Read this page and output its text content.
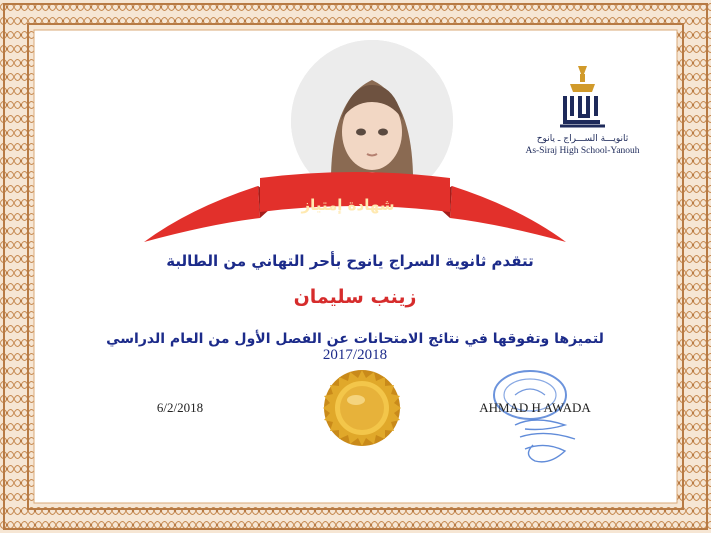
ثانويـــة الســـراج ـ يانوح
As-Siraj High School-Yanouh
شهادة إمتياز
تتقدم ثانوية السراج يانوح بأحر التهاني من الطالبة
زينب سليمان
لتميزها وتفوقها في نتائج الامتحانات عن الفصل الأول من العام الدراسي 2017/2018
6/2/2018	AHMAD H AWADA
